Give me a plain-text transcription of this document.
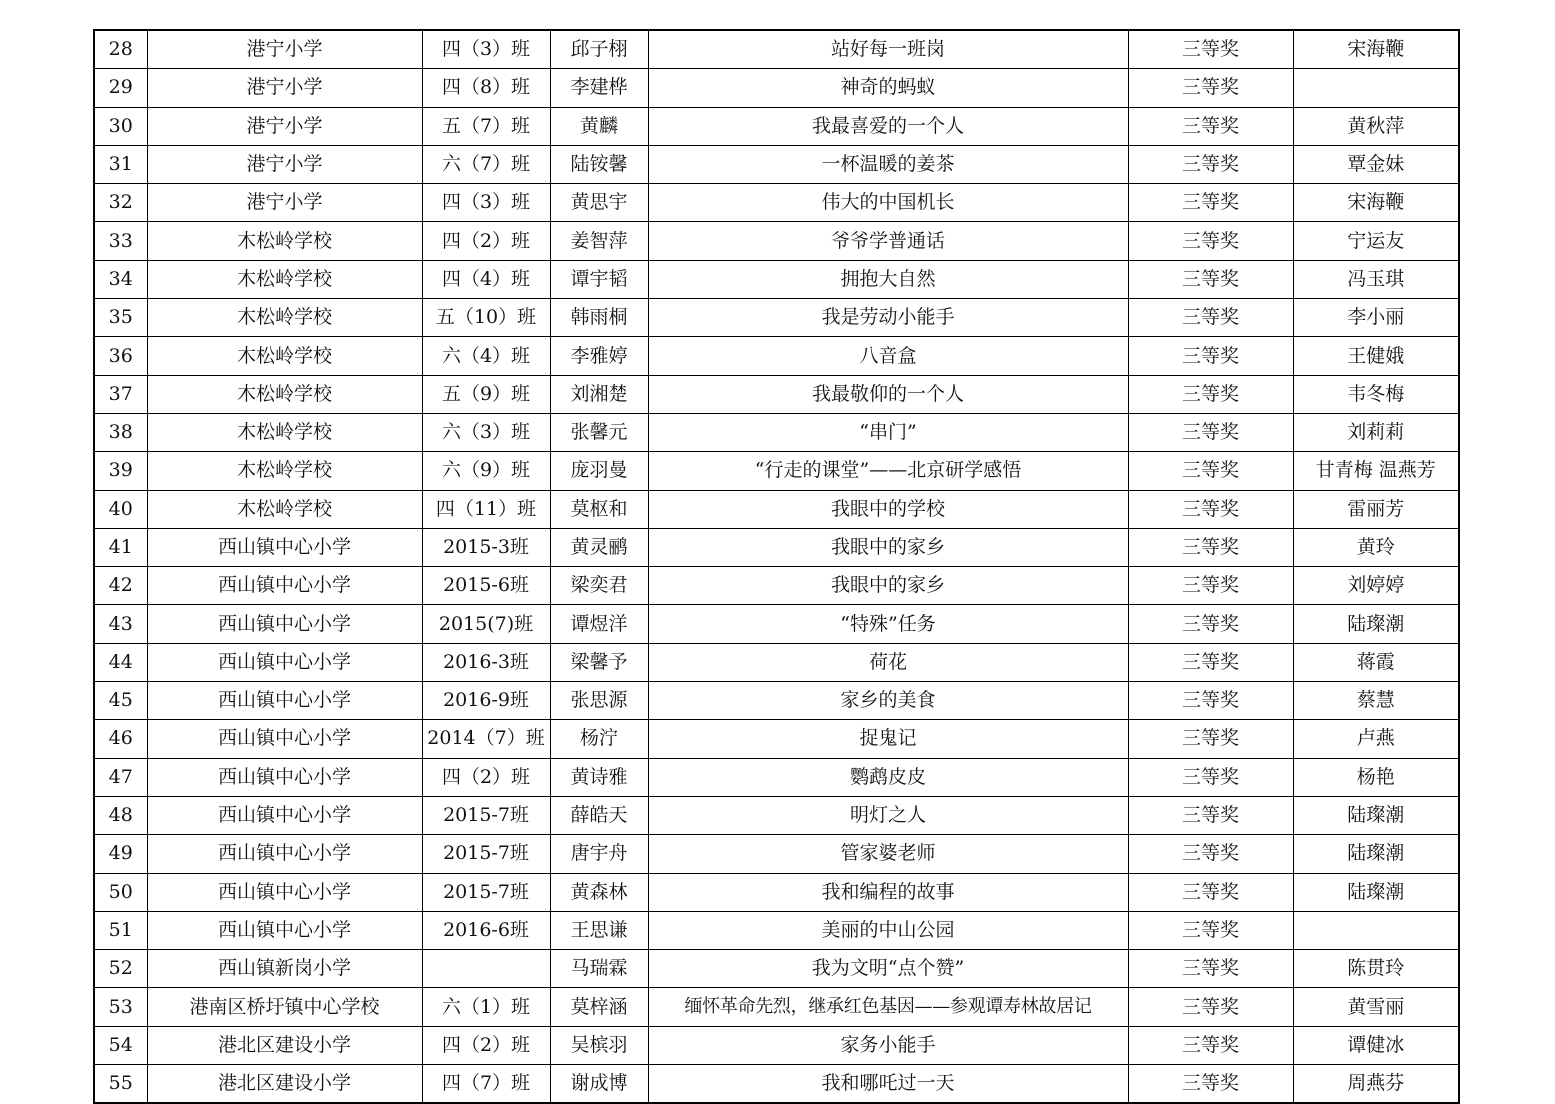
28	港宁小学	四（3）班	邱子栩	站好每一班岗	三等奖	宋海鞭
29	港宁小学	四（8）班	李建桦	神奇的蚂蚁	三等奖	
30	港宁小学	五（7）班	黄麟	我最喜爱的一个人	三等奖	黄秋萍
31	港宁小学	六（7）班	陆铵馨	一杯温暖的姜茶	三等奖	覃金妹
32	港宁小学	四（3）班	黄思宇	伟大的中国机长	三等奖	宋海鞭
33	木松岭学校	四（2）班	姜智萍	爷爷学普通话	三等奖	宁运友
34	木松岭学校	四（4）班	谭宇韬	拥抱大自然	三等奖	冯玉琪
35	木松岭学校	五（10）班	韩雨桐	我是劳动小能手	三等奖	李小丽
36	木松岭学校	六（4）班	李雅婷	八音盒	三等奖	王健娥
37	木松岭学校	五（9）班	刘湘楚	我最敬仰的一个人	三等奖	韦冬梅
38	木松岭学校	六（3）班	张馨元	“串门”	三等奖	刘莉莉
39	木松岭学校	六（9）班	庞羽曼	“行走的课堂”——北京研学感悟	三等奖	甘青梅 温燕芳
40	木松岭学校	四（11）班	莫枢和	我眼中的学校	三等奖	雷丽芳
41	西山镇中心小学	2015-3班	黄灵鹂	我眼中的家乡	三等奖	黄玲
42	西山镇中心小学	2015-6班	梁奕君	我眼中的家乡	三等奖	刘婷婷
43	西山镇中心小学	2015(7)班	谭煜洋	“特殊”任务	三等奖	陆璨潮
44	西山镇中心小学	2016-3班	梁馨予	荷花	三等奖	蒋霞
45	西山镇中心小学	2016-9班	张思源	家乡的美食	三等奖	蔡慧
46	西山镇中心小学	2014（7）班	杨泞	捉鬼记	三等奖	卢燕
47	西山镇中心小学	四（2）班	黄诗雅	鹦鹉皮皮	三等奖	杨艳
48	西山镇中心小学	2015-7班	薛皓天	明灯之人	三等奖	陆璨潮
49	西山镇中心小学	2015-7班	唐宇舟	管家婆老师	三等奖	陆璨潮
50	西山镇中心小学	2015-7班	黄森林	我和编程的故事	三等奖	陆璨潮
51	西山镇中心小学	2016-6班	王思谦	美丽的中山公园	三等奖	
52	西山镇新岗小学		马瑞霖	我为文明“点个赞”	三等奖	陈贯玲
53	港南区桥圩镇中心学校	六（1）班	莫梓涵	缅怀革命先烈，继承红色基因——参观谭寿林故居记	三等奖	黄雪丽
54	港北区建设小学	四（2）班	吴槟羽	家务小能手	三等奖	谭健冰
55	港北区建设小学	四（7）班	谢成博	我和哪吒过一天	三等奖	周燕芬
